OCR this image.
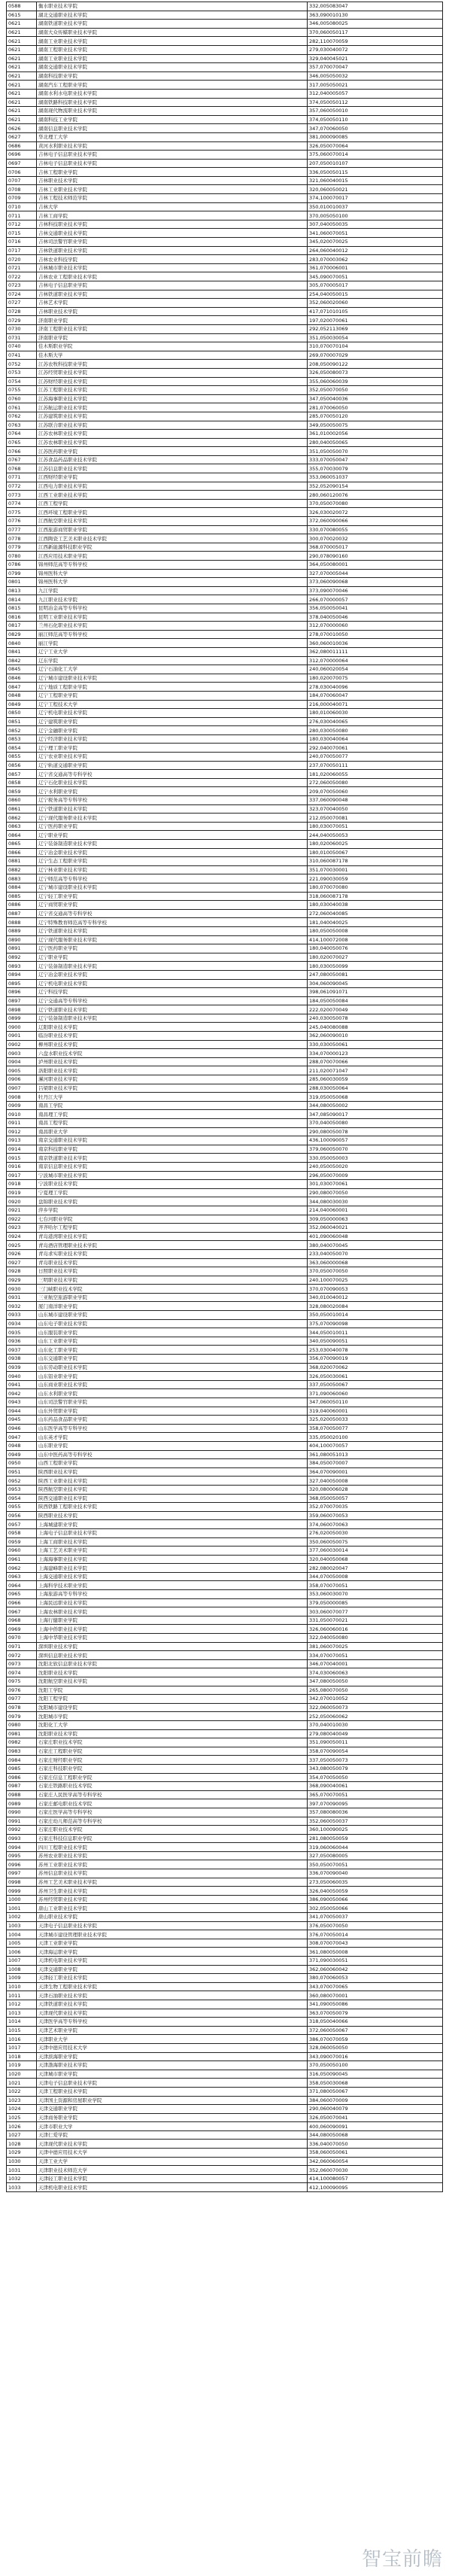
0588	衡水职业技术学院	332,005083047
0615	湖北交通职业技术学院	363,090010130
0621	湖南铁道职业技术学院	346,005080025
0621	湖南大众传媒职业技术学院	370,060050117
0621	湖南工业职业技术学院	282,110070059
0621	湖南工程职业技术学院	279,030040072
0621	湖南工业职业技术学院	329,040045021
0621	湖南交通职业技术学院	357,070070047
0621	湖南科技职业学院	346,005050032
0621	湖南汽车工程职业学院	317,005050021
0621	湖南水利水电职业技术学院	312,040005057
0621	湖南铁路科技职业技术学院	374,050050112
0621	湖南现代物流职业技术学院	357,060050010
0621	湖南科技工业学院	374,050050110
0626	湖南信息职业技术学院	347,070060050
0627	华北理工大学	381,000090085
0686	黄河水利职业技术学院	326,050070064
0696	吉林电子信息职业技术学院	375,060070014
0697	吉林电子信息职业技术学院	207,050010107
0706	吉林工程职业学院	336,050050115
0707	吉林职业技术学院	321,060040015
0708	吉林工业职业技术学院	320,060050021
0709	吉林工程技术师范学院	374,100070017
0710	吉林大学	350,010010037
0711	吉林工商学院	370,005050100
0712	吉林科技职业技术学院	307,040050035
0715	吉林交通职业技术学院	341,060070051
0716	吉林司法警官职业学院	345,020070025
0717	吉林铁道职业技术学院	264,060040012
0720	吉林农业科技学院	283,070003062
0721	吉林城市职业技术学院	361,070006001
0722	吉林农业工程职业技术学院	345,090070051
0723	吉林电子信息职业学院	305,070005017
0724	吉林铁道职业技术学院	254,040050015
0727	吉林艺术学院	352,060020060
0728	吉林职业技术学院	417,071010105
0729	济南职业学院	197,020070061
0730	济南工程职业技术学院	292,052113069
0731	济南职业学院	351,050030054
0740	佳木斯职业学院	310,070070104
0741	佳木斯大学	269,070007029
0752	江苏农牧科技职业学院	208,050090122
0753	江苏经贸职业技术学院	326,050080073
0754	江苏财经职业技术学院	355,060060039
0755	江苏工程职业技术学院	352,050070050
0760	江苏海事职业技术学院	347,050040036
0761	江苏航运职业技术学院	281,070060050
0762	江苏建筑职业技术学院	285,070050120
0763	江苏联合职业技术学院	349,050050075
0764	江苏农林职业技术学院	361,010002056
0765	江苏农林职业技术学院	280,040050065
0766	江苏医药职业学院	351,050050070
0767	江苏食品药品职业技术学院	333,070050047
0768	江苏信息职业技术学院	355,070030079
0771	江西财经职业学院	353,060051037
0772	江西电力职业技术学院	352,052090154
0773	江西工业职业技术学院	280,060120076
0774	江西工程学院	370,050070080
0775	江西环境工程职业学院	326,030020072
0776	江西航空职业技术学院	372,060090066
0777	江西旅游商贸职业学院	330,070080055
0778	江西陶瓷工艺美术职业技术学院	300,070020032
0779	江西新能源科技职业学院	368,070005017
0780	江西应用技术职业学院	290,078090160
0786	锦州师范高等专科学校	364,050080001
0799	锦州医科大学	327,070005044
0801	锦州医科大学	373,060090068
0813	九江学院	373,090070046
0814	九江职业技术学院	266,070000057
0815	昆明冶金高等专科学校	356,050050041
0816	昆明工业职业技术学院	378,040050046
0817	兰州石化职业技术学院	312,070000060
0829	丽江师范高等专科学校	278,070010050
0840	丽江学院	360,060010036
0841	辽宁工业大学	362,080011111
0842	辽东学院	312,070000064
0845	辽宁石油化工大学	240,060020054
0846	辽宁城市建设职业技术学院	180,020070075
0847	辽宁地质工程职业学院	278,030040096
0848	辽宁工程职业学院	184,070060047
0849	辽宁工程技术大学	216,000040071
0850	辽宁机电职业技术学院	180,010060030
0851	辽宁建筑职业学院	276,030040065
0852	辽宁金融职业学院	280,030050080
0853	辽宁经济职业技术学院	180,030040064
0854	辽宁理工职业学院	292,040070061
0855	辽宁农业职业技术学院	240,070050077
0856	辽宁轨道交通职业学院	237,070050111
0857	辽宁省交通高等专科学校	181,020060055
0858	辽宁石化职业技术学院	272,060050080
0859	辽宁水利职业学院	209,070050060
0860	辽宁税务高等专科学校	337,060090048
0861	辽宁铁道职业技术学院	323,070040050
0862	辽宁现代服务职业技术学院	212,050070081
0863	辽宁医药职业学院	180,030070051
0864	辽宁职业学院	244,040050053
0865	辽宁装备制造职业技术学院	180,020060025
0866	辽宁冶金职业技术学院	180,010050067
0881	辽宁生态工程职业学院	310,060087178
0882	辽宁林业职业技术学院	351,070030001
0883	辽宁师范高等专科学校	221,090030059
0884	辽宁城市建设职业技术学院	180,070070080
0885	辽宁轻工职业学院	318,060087178
0886	辽宁商贸职业学院	180,030040038
0887	辽宁省交通高等专科学校	272,060040085
0888	辽宁特殊教育师范高等专科学校	181,040040025
0889	辽宁铁道职业技术学院	180,050050008
0890	辽宁现代服务职业技术学院	414,100072008
0891	辽宁医药职业学院	180,040050076
0892	辽宁职业学院	180,020070027
0893	辽宁装备制造职业技术学院	180,030050099
0894	辽宁冶金职业技术学院	247,080050081
0895	辽宁机电职业技术学院	304,060090045
0896	辽宁科技学院	398,061091071
0897	辽宁交通高等专科学校	184,050050084
0898	辽宁铁道职业技术学院	222,020070049
0899	辽宁装备制造职业技术学院	240,030050078
0900	辽阳职业技术学院	245,040080088
0901	临汾职业技术学院	362,060090010
0902	柳州职业技术学院	330,030050061
0903	六盘水职业技术学院	334,070000123
0904	泸州职业技术学院	288,070070066
0905	洛阳职业技术学院	211,020071047
0906	漯河职业技术学院	285,060030059
0907	吕梁职业技术学院	288,030050064
0908	牡丹江大学	319,050050068
0909	南昌工学院	344,080050002
0910	南昌理工学院	347,085090017
0911	南昌工程学院	370,040050080
0912	南昌职业大学	290,080050078
0913	南京交通职业技术学院	436,100090057
0914	南京科技职业学院	379,060050070
0915	南京铁道职业技术学院	330,050050003
0916	南京信息职业技术学院	240,050050020
0917	宁波城市职业技术学院	296,050070009
0918	宁波职业技术学院	301,030070061
0919	宁夏理工学院	290,080070050
0920	盘锦职业技术学院	344,080030030
0921	萍乡学院	214,040060001
0922	七台河职业学院	309,050000063
0923	齐齐哈尔工程学院	352,060040021
0924	青岛港湾职业技术学院	401,090060048
0925	青岛酒店管理职业技术学院	380,040070045
0926	青岛求实职业技术学院	233,040050070
0927	青岛职业技术学院	363,060000068
0928	日照职业技术学院	370,050070050
0929	三明职业技术学院	240,100070025
0930	三门峡职业技术学院	370,070090053
0931	三亚航空旅游职业学院	340,010040012
0932	厦门南洋职业学院	328,080020084
0933	山东城市建设职业学院	350,050010014
0934	山东电子职业技术学院	375,070090098
0935	山东服装职业学院	344,050010011
0936	山东工业职业学院	340,050090051
0937	山东化工职业学院	253,030040078
0938	山东交通职业学院	356,070090019
0939	山东劳动职业技术学院	368,020070062
0940	山东铝业职业学院	326,050030061
0941	山东商业职业技术学院	337,050050067
0942	山东水利职业学院	371,090060060
0943	山东司法警官职业学院	347,060050110
0944	山东外贸职业学院	319,040060001
0945	山东药品食品职业学院	325,020050033
0946	山东医学高等专科学校	358,070050077
0947	山东英才学院	335,050020100
0948	山东职业学院	404,100070057
0949	山东中医药高等专科学校	361,080051013
0950	山西工程职业学院	384,050070007
0951	陕西职业技术学院	364,070090001
0952	陕西工业职业技术学院	327,040050008
0953	陕西航空职业技术学院	320,080006028
0954	陕西交通职业技术学院	368,050050057
0955	陕西铁路工程职业技术学院	352,070070035
0956	陕西职业技术学院	359,060070053
0957	上海城建职业学院	374,060070063
0958	上海电子信息职业技术学院	276,020050030
0959	上海工商职业技术学院	350,060050075
0960	上海工艺美术职业学院	377,060030014
0961	上海海事职业技术学院	320,040050068
0962	上海建峰职业技术学院	282,080020047
0963	上海交通职业技术学院	344,070050008
0964	上海科学技术职业学院	358,070070051
0965	上海旅游高等专科学校	353,060030070
0966	上海民远职业技术学院	379,050000085
0967	上海农林职业技术学院	303,060070077
0968	上海行健职业学院	331,050070021
0969	上海中侨职业技术学院	326,060060016
0970	上海中华职业技术学院	322,040050080
0971	深圳职业技术学院	381,060070025
0972	深圳信息职业技术学院	334,070070051
0973	沈阳北软信息职业技术学院	346,070040001
0974	沈阳职业技术学院	374,030060063
0975	沈阳航空职业技术学院	347,080050050
0976	沈阳工学院	265,080070050
0977	沈阳工程学院	342,070010052
0978	沈阳城市建设学院	322,060050073
0979	沈阳城市学院	252,050060062
0980	沈阳化工大学	370,040010030
0981	沈阳职业技术学院	279,080040049
0982	石家庄职业技术学院	351,090050011
0983	石家庄工程职业学院	358,070090054
0984	石家庄财经职业学院	337,050050073
0985	石家庄科技职业学院	343,080050079
0986	石家庄信息工程职业学院	354,070050050
0987	石家庄铁路职业技术学院	368,090040061
0988	石家庄人民医学高等专科学校	365,070070051
0989	石家庄邮电职业技术学院	397,070090095
0990	石家庄医学高等专科学校	357,080080036
0991	石家庄幼儿师范高等专科学校	352,060050037
0992	石家庄职业技术学院	360,100090025
0993	石家庄科技信息职业学院	281,080050059
0994	四川工程职业技术学院	319,060060044
0995	苏州农业职业技术学院	327,050080005
0996	苏州工业职业技术学院	350,050070051
0997	苏州信息职业技术学院	336,070090040
0998	苏州工艺美术职业技术学院	273,050060035
0999	苏州卫生职业技术学院	326,040050059
1000	苏州经贸职业技术学院	386,090050066
1001	唐山工业职业技术学院	302,050050066
1002	唐山职业技术学院	341,070050037
1003	天津电子信息职业技术学院	376,050070050
1004	天津城市建设管理职业技术学院	376,070050014
1005	天津工业职业学院	308,070070043
1006	天津海运职业学院	361,080050008
1007	天津机电职业技术学院	371,090030051
1008	天津交通职业学院	362,060060042
1009	天津轻工职业技术学院	380,070060053
1010	天津生物工程职业技术学院	343,070070065
1011	天津石油职业技术学院	360,080070001
1012	天津铁道职业技术学院	341,090050086
1013	天津现代职业技术学院	363,070050079
1014	天津医学高等专科学校	318,050040066
1015	天津艺术职业学院	372,060050067
1016	天津职业大学	386,070070059
1017	天津中德应用技术大学	328,060050050
1018	天津滨海职业学院	343,090070016
1019	天津渤海职业技术学院	370,050050100
1020	天津城市职业学院	316,050090045
1021	天津电子信息职业技术学院	358,050030068
1022	天津工程职业技术学院	371,080050067
1023	天津国土资源和房屋职业学院	384,060070009
1024	天津交通职业学院	290,060040079
1025	天津商务职业学院	326,050070041
1026	天津市职业大学	400,060090091
1027	天津仁爱学院	344,080050068
1028	天津现代职业技术学院	336,040070050
1029	天津中德应用技术大学	358,060050061
1030	天津工业大学	342,060060054
1031	天津职业技术师范大学	352,060070030
1032	天津轻工职业技术学院	414,100080057
1033	天津机电职业技术学院	412,100090095
智宝前瞻
